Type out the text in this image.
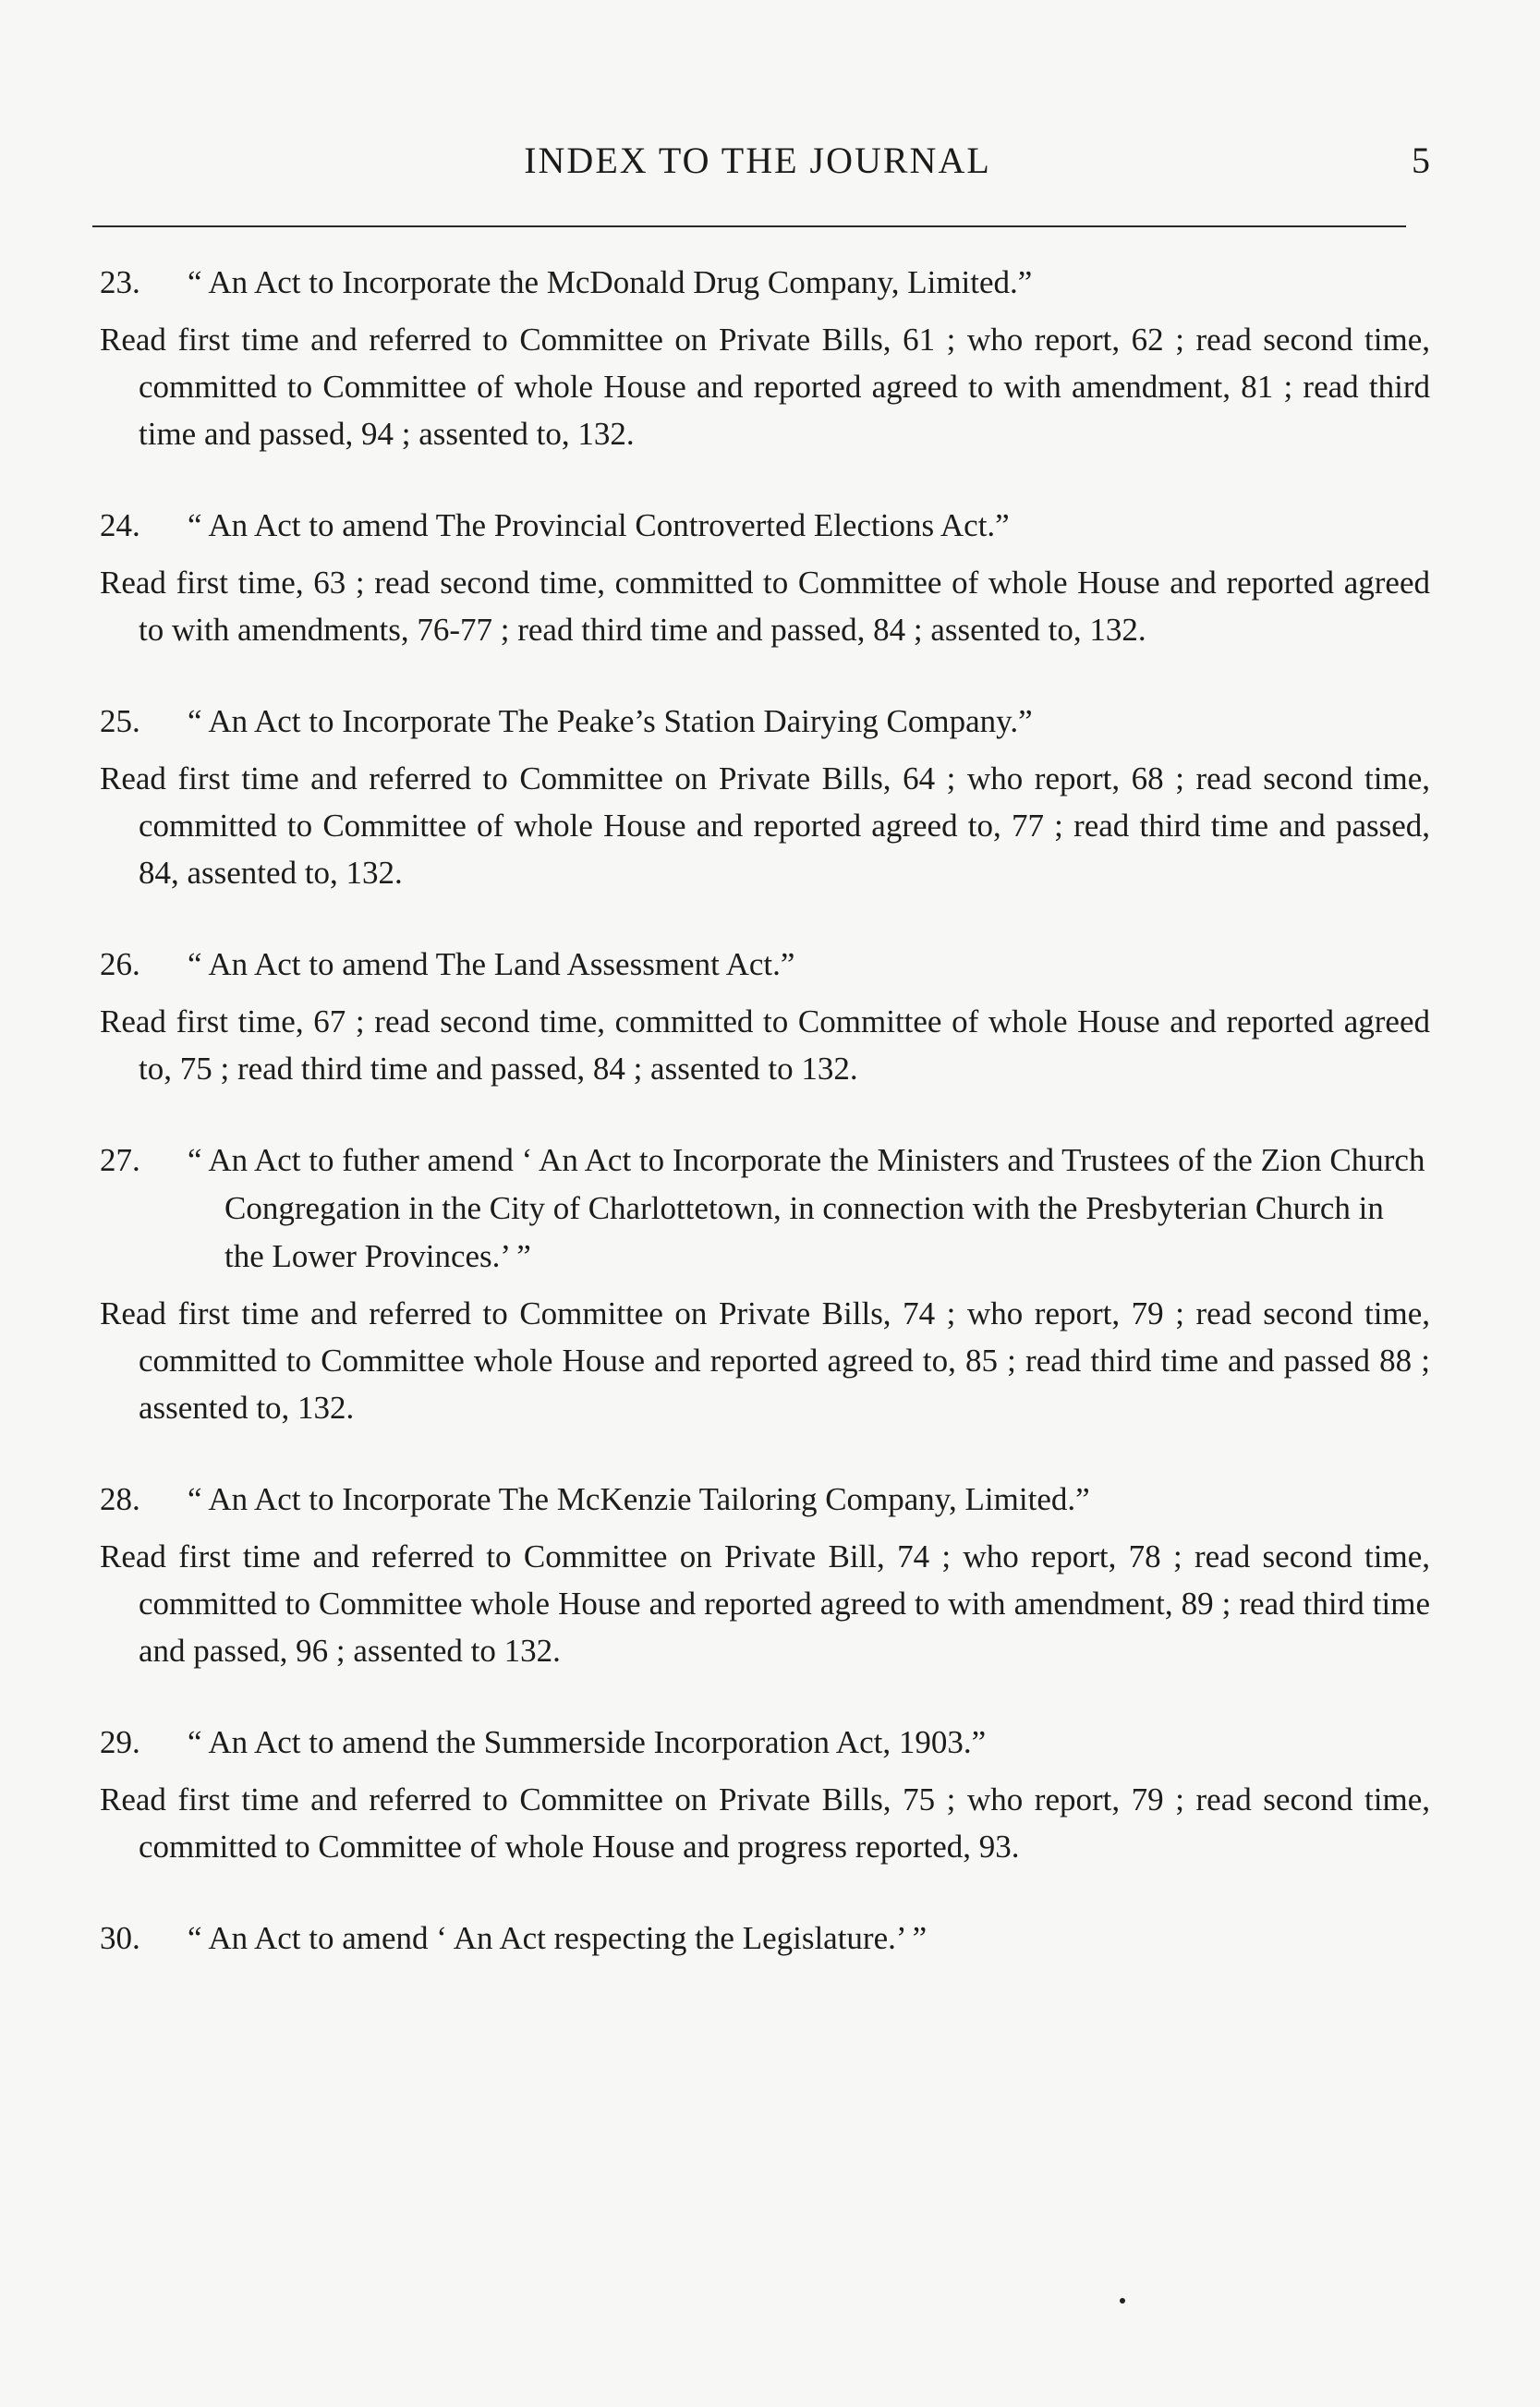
INDEX TO THE JOURNAL	5
23. “ An Act to Incorporate the McDonald Drug Company, Limited.”
Read first time and referred to Committee on Private Bills, 61 ; who report, 62 ; read second time, committed to Committee of whole House and reported agreed to with amendment, 81 ; read third time and passed, 94 ; assented to, 132.
24. “ An Act to amend The Provincial Controverted Elections Act.”
Read first time, 63 ; read second time, committed to Committee of whole House and reported agreed to with amendments, 76-77 ; read third time and passed, 84 ; assented to, 132.
25. “ An Act to Incorporate The Peake’s Station Dairying Company.”
Read first time and referred to Committee on Private Bills, 64 ; who report, 68 ; read second time, committed to Committee of whole House and reported agreed to, 77 ; read third time and passed, 84, assented to, 132.
26. “ An Act to amend The Land Assessment Act.”
Read first time, 67 ; read second time, committed to Committee of whole House and reported agreed to, 75 ; read third time and passed, 84 ; assented to 132.
27. “ An Act to futher amend ‘ An Act to Incorporate the Ministers and Trustees of the Zion Church Congregation in the City of Charlottetown, in connection with the Presbyterian Church in the Lower Provinces.’ ”
Read first time and referred to Committee on Private Bills, 74 ; who report, 79 ; read second time, committed to Committee whole House and reported agreed to, 85 ; read third time and passed 88 ; assented to, 132.
28. “ An Act to Incorporate The McKenzie Tailoring Company, Limited.”
Read first time and referred to Committee on Private Bill, 74 ; who report, 78 ; read second time, committed to Committee whole House and reported agreed to with amendment, 89 ; read third time and passed, 96 ; assented to 132.
29. “ An Act to amend the Summerside Incorporation Act, 1903.”
Read first time and referred to Committee on Private Bills, 75 ; who report, 79 ; read second time, committed to Committee of whole House and progress reported, 93.
30. “ An Act to amend ‘ An Act respecting the Legislature.’ ”
